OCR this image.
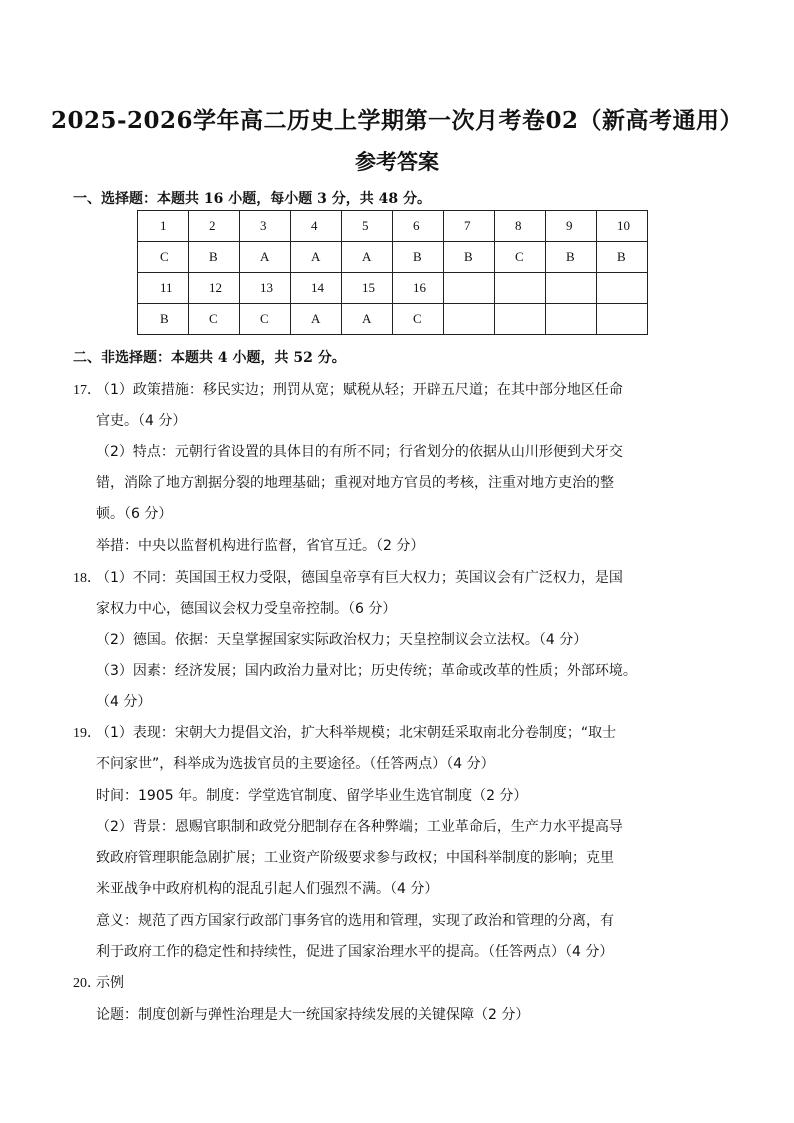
2025-2026学年高二历史上学期第一次月考卷02（新高考通用）
参考答案
一、选择题：本题共 16 小题，每小题 3 分，共 48 分。
1	2	3	4	5	6	7	8	9	10
C	B	A	A	A	B	B	C	B	B
11	12	13	14	15	16				
B	C	C	A	A	C				
二、非选择题：本题共 4 小题，共 52 分。
17．
（1）政策措施：移民实边；刑罚从宽；赋税从轻；开辟五尺道；在其中部分地区任命
官吏。（4 分）
（2）特点：元朝行省设置的具体目的有所不同；行省划分的依据从山川形便到犬牙交
错，消除了地方割据分裂的地理基础；重视对地方官员的考核，注重对地方吏治的整
顿。（6 分）
举措：中央以监督机构进行监督，省官互迁。（2 分）
18．
（1）不同：英国国王权力受限，德国皇帝享有巨大权力；英国议会有广泛权力，是国
家权力中心，德国议会权力受皇帝控制。（6 分）
（2）德国。依据：天皇掌握国家实际政治权力；天皇控制议会立法权。（4 分）
（3）因素：经济发展；国内政治力量对比；历史传统；革命或改革的性质；外部环境。
（4 分）
19．
（1）表现：宋朝大力提倡文治，扩大科举规模；北宋朝廷采取南北分卷制度；“取士
不问家世”，科举成为选拔官员的主要途径。（任答两点）（4 分）
时间：1905 年。制度：学堂选官制度、留学毕业生选官制度（2 分）
（2）背景：恩赐官职制和政党分肥制存在各种弊端；工业革命后，生产力水平提高导
致政府管理职能急剧扩展；工业资产阶级要求参与政权；中国科举制度的影响；克里
米亚战争中政府机构的混乱引起人们强烈不满。（4 分）
意义：规范了西方国家行政部门事务官的选用和管理，实现了政治和管理的分离，有
利于政府工作的稳定性和持续性，促进了国家治理水平的提高。（任答两点）（4 分）
20．
示例
论题：制度创新与弹性治理是大一统国家持续发展的关键保障（2 分）
